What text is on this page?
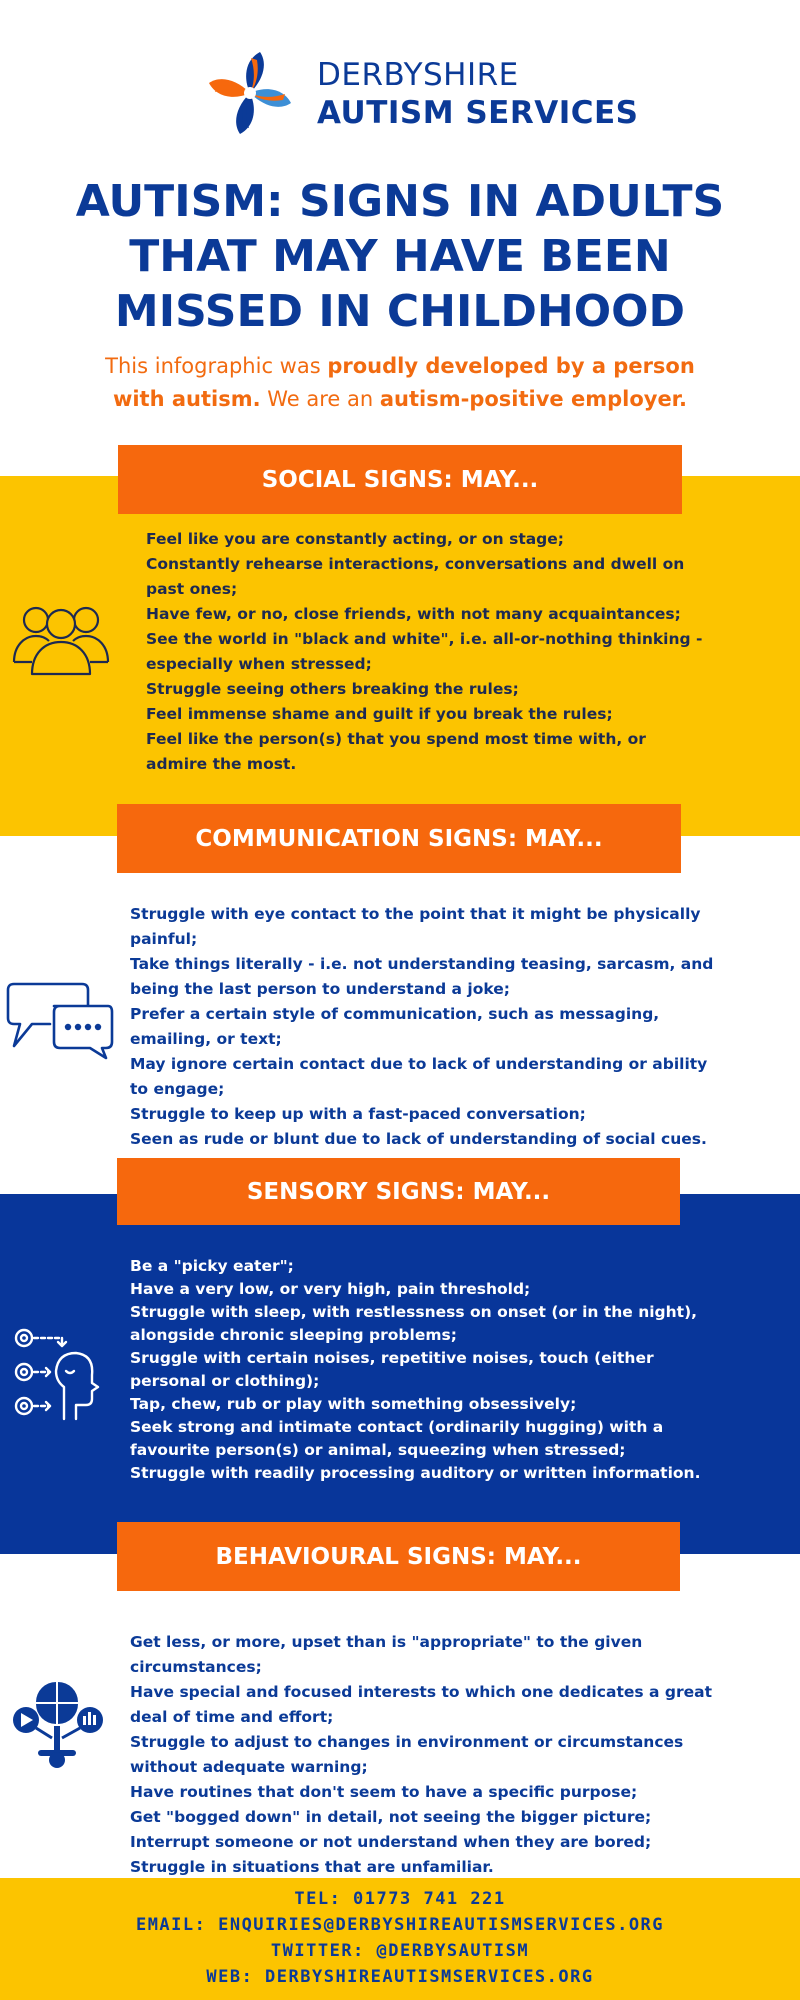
DERBYSHIRE
AUTISM SERVICES
AUTISM: SIGNS IN ADULTS
THAT MAY HAVE BEEN
MISSED IN CHILDHOOD
This infographic was proudly developed by a person with autism. We are an autism-positive employer.
SOCIAL SIGNS: MAY...
Feel like you are constantly acting, or on stage;
Constantly rehearse interactions, conversations and dwell on past ones;
Have few, or no, close friends, with not many acquaintances;
See the world in "black and white", i.e. all-or-nothing thinking - especially when stressed;
Struggle seeing others breaking the rules;
Feel immense shame and guilt if you break the rules;
Feel like the person(s) that you spend most time with, or admire the most.
COMMUNICATION SIGNS: MAY...
Struggle with eye contact to the point that it might be physically painful;
Take things literally - i.e. not understanding teasing, sarcasm, and being the last person to understand a joke;
Prefer a certain style of communication, such as messaging, emailing, or text;
May ignore certain contact due to lack of understanding or ability to engage;
Struggle to keep up with a fast-paced conversation;
Seen as rude or blunt due to lack of understanding of social cues.
SENSORY SIGNS: MAY...
Be a "picky eater";
Have a very low, or very high, pain threshold;
Struggle with sleep, with restlessness on onset (or in the night), alongside chronic sleeping problems;
Sruggle with certain noises, repetitive noises, touch (either personal or clothing);
Tap, chew, rub or play with something obsessively;
Seek strong and intimate contact (ordinarily hugging) with a favourite person(s) or animal, squeezing when stressed;
Struggle with readily processing auditory or written information.
BEHAVIOURAL SIGNS: MAY...
Get less, or more, upset than is "appropriate" to the given circumstances;
Have special and focused interests to which one dedicates a great deal of time and effort;
Struggle to adjust to changes in environment or circumstances without adequate warning;
Have routines that don't seem to have a specific purpose;
Get "bogged down" in detail, not seeing the bigger picture;
Interrupt someone or not understand when they are bored;
Struggle in situations that are unfamiliar.
TEL: 01773 741 221
EMAIL: ENQUIRIES@DERBYSHIREAUTISMSERVICES.ORG
TWITTER: @DERBYSAUTISM
WEB: DERBYSHIREAUTISMSERVICES.ORG
